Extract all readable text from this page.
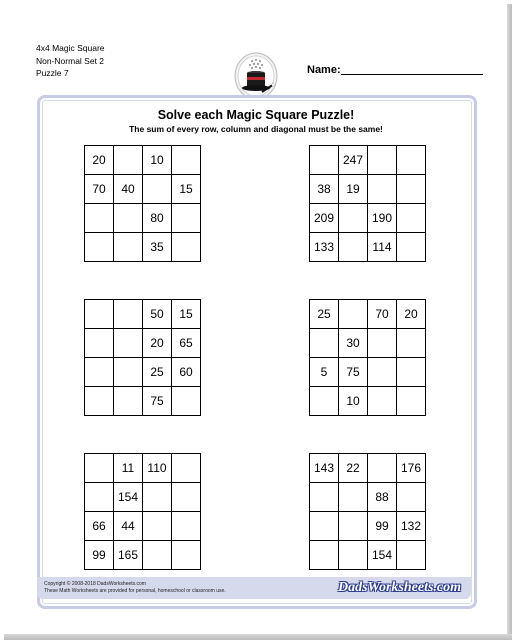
4x4 Magic Square
Non-Normal Set 2
Puzzle 7	Name:
Solve each Magic Square Puzzle!
The sum of every row, column and diagonal must be the same!
20		10	
70	40		15
		80	
		35	
	247		
38	19		
209		190	
133		114	
		50	15
		20	65
		25	60
		75	
25		70	20
	30		
5	75		
	10		
	11	110	
	154		
66	44		
99	165		
143	22		176
		88	
		99	132
		154	
Copyright © 2008-2018 DadsWorksheets.com
These Math Worksheets are provided for personal, homeschool or classroom use.	DadsWorksheets.com
